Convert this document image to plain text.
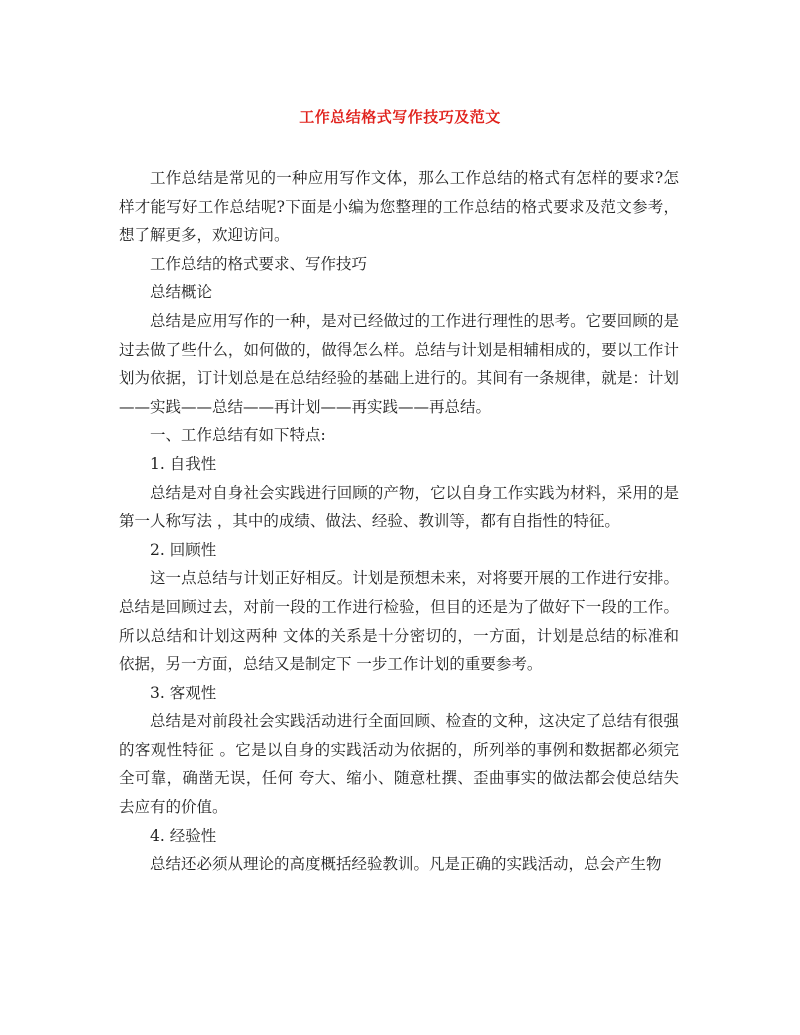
工作总结格式写作技巧及范文

工作总结是常见的一种应用写作文体，那么工作总结的格式有怎样的要求?怎样才能写好工作总结呢?下面是小编为您整理的工作总结的格式要求及范文参考，想了解更多，欢迎访问。

工作总结的格式要求、写作技巧

总结概论

总结是应用写作的一种，是对已经做过的工作进行理性的思考。它要回顾的是过去做了些什么，如何做的，做得怎么样。总结与计划是相辅相成的，要以工作计划为依据，订计划总是在总结经验的基础上进行的。其间有一条规律，就是：计划——实践——总结——再计划——再实践——再总结。

一、工作总结有如下特点:

1. 自我性

总结是对自身社会实践进行回顾的产物，它以自身工作实践为材料，采用的是第一人称写法 ，其中的成绩、做法、经验、教训等，都有自指性的特征。

2. 回顾性

这一点总结与计划正好相反。计划是预想未来，对将要开展的工作进行安排。总结是回顾过去，对前一段的工作进行检验，但目的还是为了做好下一段的工作。所以总结和计划这两种 文体的关系是十分密切的，一方面，计划是总结的标准和依据，另一方面，总结又是制定下 一步工作计划的重要参考。

3. 客观性

总结是对前段社会实践活动进行全面回顾、检查的文种，这决定了总结有很强的客观性特征 。它是以自身的实践活动为依据的，所列举的事例和数据都必须完全可靠，确凿无误，任何 夸大、缩小、随意杜撰、歪曲事实的做法都会使总结失去应有的价值。

4. 经验性

总结还必须从理论的高度概括经验教训。凡是正确的实践活动，总会产生物
